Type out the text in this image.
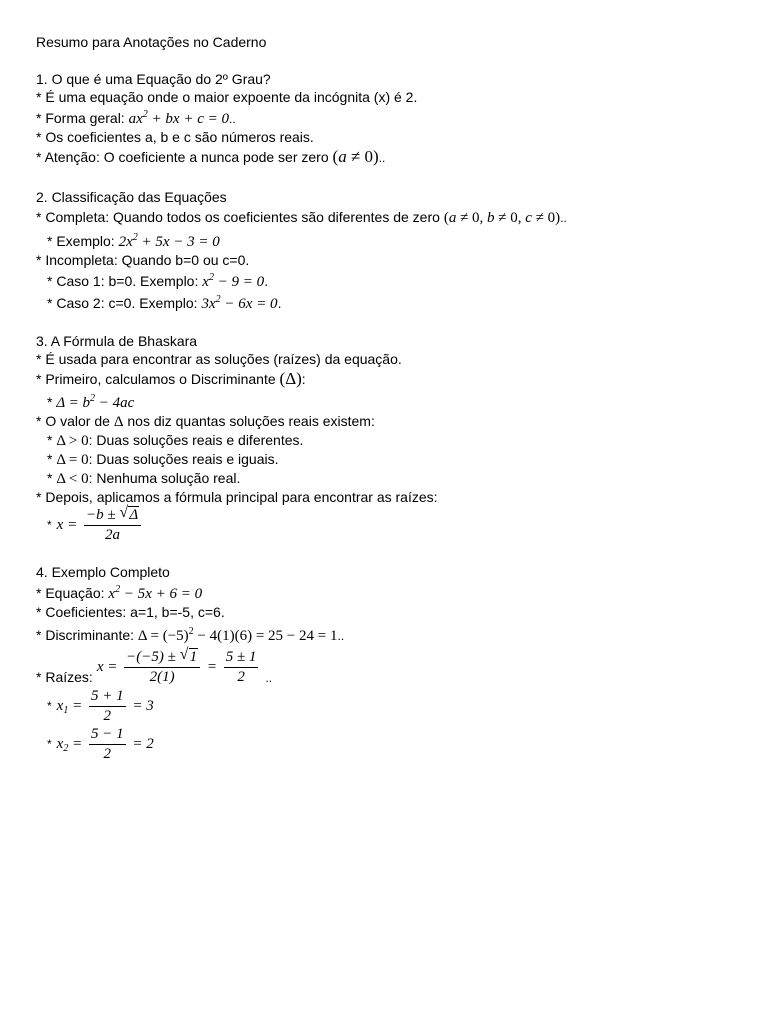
Resumo para Anotações no Caderno
1. O que é uma Equação do 2º Grau?
* É uma equação onde o maior expoente da incógnita (x) é 2.
* Forma geral: $ax^2$ + bx + c = 0..
* Os coeficientes a, b e c são números reais.
* Atenção: O coeficiente a nunca pode ser zero (a ≠ 0)..
2. Classificação das Equações
* Completa: Quando todos os coeficientes são diferentes de zero (a ≠ 0, b ≠ 0, c ≠ 0)..
* Exemplo: $2x^2 + 5x - 3 = 0$
* Incompleta: Quando b=0 ou c=0.
* Caso 1: b=0. Exemplo: $x^2 - 9 = 0$.
* Caso 2: c=0. Exemplo: $3x^2 - 6x = 0$.
3. A Fórmula de Bhaskara
* É usada para encontrar as soluções (raízes) da equação.
* Primeiro, calculamos o Discriminante (Δ):
* $\Delta = b^2 - 4ac$
* O valor de Δ nos diz quantas soluções reais existem:
* Δ > 0: Duas soluções reais e diferentes.
* Δ = 0: Duas soluções reais e iguais.
* Δ < 0: Nenhuma solução real.
* Depois, aplicamos a fórmula principal para encontrar as raízes:
* $x = \frac{-b \pm √ \Delta}{2a}$
4. Exemplo Completo
* Equação: $x^2 - 5x + 6 = 0$
* Coeficientes: a=1, b=-5, c=6.
* Discriminante: $\Delta = (-5)^2 - 4(1)(6) = 25 - 24 = 1$..
* Raízes:
$x = \frac{-(-5) \pm √ 1}{2(1)} = \frac{5 \pm 1}{2}$ ..
* $x_1 = \frac{5 + 1}{2} = 3$
* $x_2 = \frac{5 - 1}{2} = 2$
